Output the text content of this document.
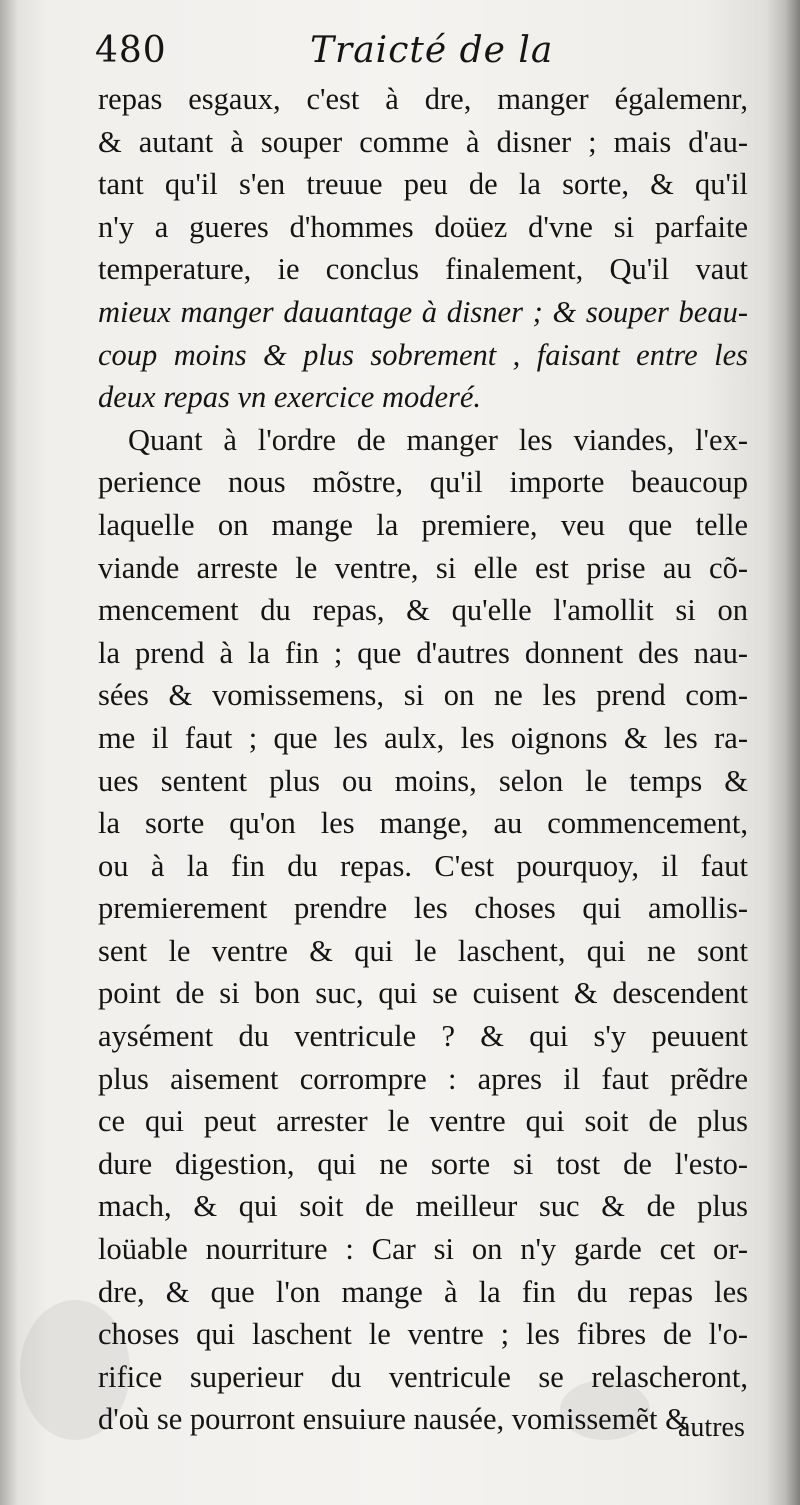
480	Traicté de la
repas esgaux, c'est à dre, manger égalemenr,
& autant à souper comme à disner ; mais d'au-
tant qu'il s'en treuue peu de la sorte, & qu'il
n'y a gueres d'hommes doüez d'vne si parfaite
temperature, ie conclus finalement, Qu'il vaut
mieux manger dauantage à disner ; & souper beau-
coup moins & plus sobrement , faisant entre les
deux repas vn exercice moderé.
Quant à l'ordre de manger les viandes, l'ex-
perience nous mõstre, qu'il importe beaucoup
laquelle on mange la premiere, veu que telle
viande arreste le ventre, si elle est prise au cõ-
mencement du repas, & qu'elle l'amollit si on
la prend à la fin ; que d'autres donnent des nau-
sées & vomissemens, si on ne les prend com-
me il faut ; que les aulx, les oignons & les ra-
ues sentent plus ou moins, selon le temps &
la sorte qu'on les mange, au commencement,
ou à la fin du repas. C'est pourquoy, il faut
premierement prendre les choses qui amollis-
sent le ventre & qui le laschent, qui ne sont
point de si bon suc, qui se cuisent & descendent
aysément du ventricule ? & qui s'y peuuent
plus aisement corrompre : apres il faut prẽdre
ce qui peut arrester le ventre qui soit de plus
dure digestion, qui ne sorte si tost de l'esto-
mach, & qui soit de meilleur suc & de plus
loüable nourriture : Car si on n'y garde cet or-
dre, & que l'on mange à la fin du repas les
choses qui laschent le ventre ; les fibres de l'o-
rifice superieur du ventricule se relascheront,
d'où se pourront ensuiure nausée, vomissemẽt &
autres
